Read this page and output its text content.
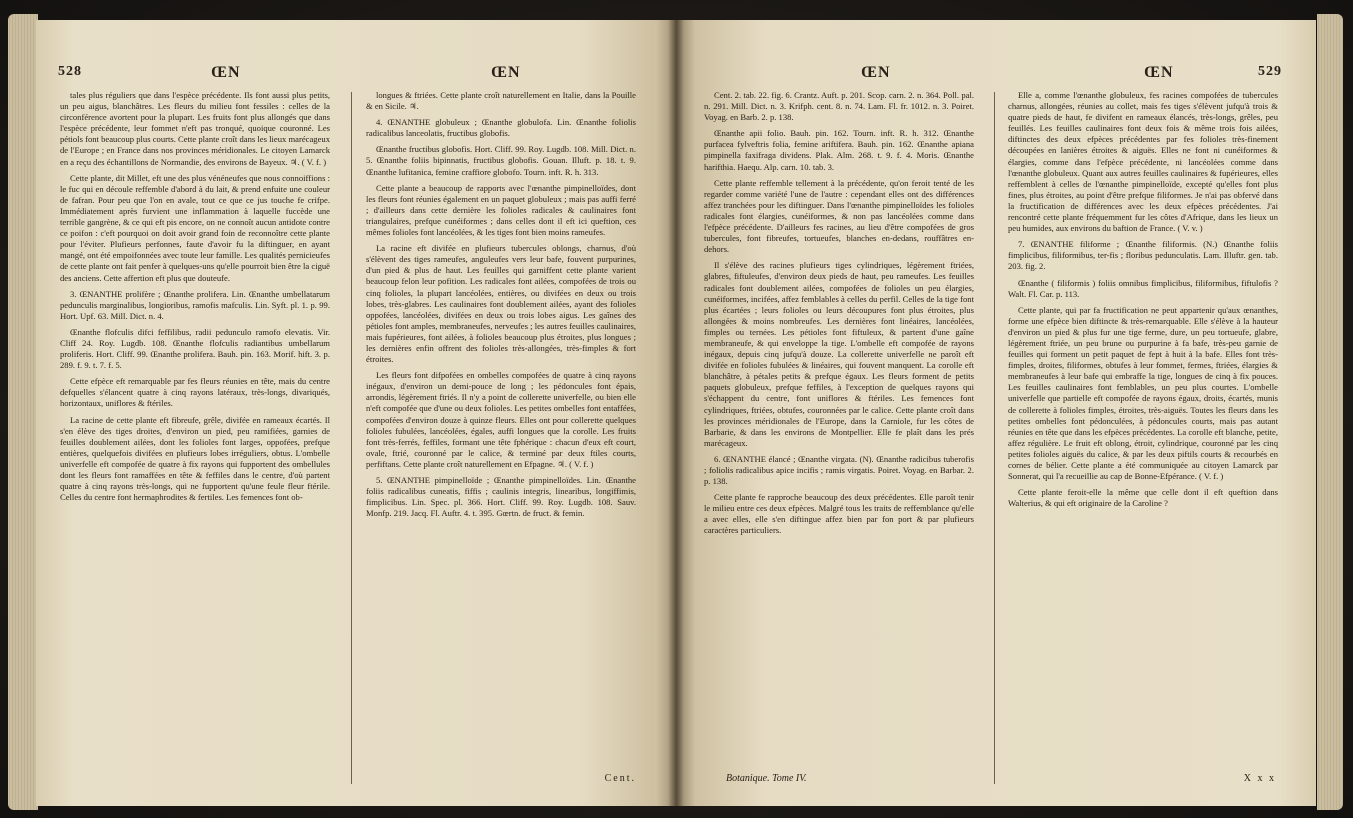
528	ŒN	ŒN

tales plus réguliers que dans l'espèce précédente. Ils font aussi plus petits, un peu aigus, blanchâtres. Les fleurs du milieu font fessiles : celles de la circonférence avortent pour la plupart. Les fruits font plus allongés que dans l'espèce précédente, leur fommet n'eft pas tronqué, quoique couronné. Les pétiols font beaucoup plus courts. Cette plante croît dans les lieux marécageux de l'Europe ; en France dans nos provinces méridionales. Le citoyen Lamarck en a reçu des échantillons de Normandie, des environs de Bayeux. ♃. ( V. f. )

Cette plante, dit Millet, eft une des plus vénéneufes que nous connoiffions : le fuc qui en découle reffemble d'abord à du lait, & prend enfuite une couleur de fafran. Pour peu que l'on en avale, tout ce que ce jus touche fe crifpe. Immédiatement après furvient une inflammation à laquelle fuccède une terrible gangrène, & ce qui eft pis encore, on ne connoît aucun antidote contre ce poifon : c'eft pourquoi on doit avoir grand foin de reconnoître cette plante pour l'éviter. Plufieurs perfonnes, faute d'avoir fu la diftinguer, en ayant mangé, ont été empoifonnées avec toute leur famille. Les qualités pernicieufes de cette plante ont fait penfer à quelques-uns qu'elle pourroit bien être la ciguë des anciens. Cette affertion eft plus que douteufe.

3. ŒNANTHE prolifère ; Œnanthe prolifera. Lin. Œnanthe umbellatarum pedunculis marginalibus, longioribus, ramofis mafculis. Lin. Syft. pl. 1. p. 99. Hort. Upf. 63. Mill. Dict. n. 4.

Œnanthe flofculis difci feffilibus, radii pedunculo ramofo elevatis. Vir. Cliff 24. Roy. Lugdb. 108. Œnanthe flofculis radiantibus umbellarum proliferis. Hort. Cliff. 99. Œnanthe prolifera. Bauh. pin. 163. Morif. hift. 3. p. 289. f. 9. t. 7. f. 5.

Cette efpèce eft remarquable par fes fleurs réunies en tête, mais du centre defquelles s'élancent quatre à cinq rayons latéraux, très-longs, divariqués, horizontaux, uniflores & ftériles.

La racine de cette plante eft fibreufe, grêle, divifée en rameaux écartés. Il s'en élève des tiges droites, d'environ un pied, peu ramifiées, garnies de feuilles doublement ailées, dont les folioles font larges, oppofées, prefque entières, quelquefois divifées en plufieurs lobes irréguliers, obtus. L'ombelle univerfelle eft compofée de quatre à fix rayons qui fupportent des ombellules dont les fleurs font ramaffées en tête & feffiles dans le centre, d'où partent quatre à cinq rayons très-longs, qui ne fupportent qu'une feule fleur ftérile. Celles du centre font hermaphrodites & fertiles. Les femences font ob-

longues & ftriées. Cette plante croît naturellement en Italie, dans la Pouille & en Sicile. ♃.

4. ŒNANTHE globuleux ; Œnanthe globulofa. Lin. Œnanthe foliolis radicalibus lanceolatis, fructibus globofis.

Œnanthe fructibus globofis. Hort. Cliff. 99. Roy. Lugdb. 108. Mill. Dict. n. 5. Œnanthe foliis bipinnatis, fructibus globofis. Gouan. Illuft. p. 18. t. 9. Œnanthe lufitanica, femine craffiore globofo. Tourn. inft. R. h. 313.

Cette plante a beaucoup de rapports avec l'œnanthe pimpinelloïdes, dont les fleurs font réunies également en un paquet globuleux ; mais pas auffi ferré ; d'ailleurs dans cette dernière les folioles radicales & caulinaires font triangulaires, prefque cunéiformes ; dans celles dont il eft ici queftion, ces mêmes folioles font lancéolées, & les tiges font bien moins rameufes.

La racine eft divifée en plufieurs tubercules oblongs, charnus, d'où s'élèvent des tiges rameufes, anguleufes vers leur bafe, fouvent purpurines, d'un pied & plus de haut. Les feuilles qui garniffent cette plante varient beaucoup felon leur pofition. Les radicales font ailées, compofées de trois ou cinq folioles, la plupart lancéolées, entières, ou divifées en deux ou trois lobes, très-glabres. Les caulinaires font doublement ailées, ayant des folioles oppofées, lancéolées, divifées en deux ou trois lobes aigus. Les gaînes des pétioles font amples, membraneufes, nerveufes ; les autres feuilles caulinaires, mais fupérieures, font ailées, à folioles beaucoup plus étroites, plus longues ; les dernières enfin offrent des folioles très-allongées, très-fimples & fort étroites.

Les fleurs font difpofées en ombelles compofées de quatre à cinq rayons inégaux, d'environ un demi-pouce de long ; les pédoncules font épais, arrondis, légèrement ftriés. Il n'y a point de collerette univerfelle, ou bien elle n'eft compofée que d'une ou deux folioles. Les petites ombelles font entaffées, compofées d'environ douze à quinze fleurs. Elles ont pour collerette quelques folioles fubulées, lancéolées, égales, auffi longues que la corolle. Les fruits font très-ferrés, feffiles, formant une tête fphérique : chacun d'eux eft court, ovale, ftrié, couronné par le calice, & terminé par deux ftiles courts, perfiftans. Cette plante croît naturellement en Efpagne. ♃. ( V. f. )

5. ŒNANTHE pimpinelloïde ; Œnanthe pimpinelloïdes. Lin. Œnanthe foliis radicalibus cuneatis, fiffis ; caulinis integris, linearibus, longiffimis, fimplicibus. Lin. Spec. pl. 366. Hort. Cliff. 99. Roy. Lugdb. 108. Sauv. Monfp. 219. Jacq. Fl. Auftr. 4. t. 395. Gœrtn. de fruct. & femin.

Cent.
ŒN	ŒN	529

Cent. 2. tab. 22. fig. 6. Crantz. Auft. p. 201. Scop. carn. 2. n. 364. Poll. pal. n. 291. Mill. Dict. n. 3. Krifph. cent. 8. n. 74. Lam. Fl. fr. 1012. n. 3. Poiret. Voyag. en Barb. 2. p. 138.

Œnanthe apii folio. Bauh. pin. 162. Tourn. inft. R. h. 312. Œnanthe purfacea fylveftris folia, femine ariftifera. Bauh. pin. 162. Œnanthe apiana pimpinella faxifraga dividens. Plak. Alm. 268. t. 9. f. 4. Moris. Œnanthe harifthia. Haequ. Alp. carn. 10. tab. 3.

Cette plante reffemble tellement à la précédente, qu'on feroit tenté de les regarder comme variété l'une de l'autre : cependant elles ont des différences affez tranchées pour les diftinguer. Dans l'œnanthe pimpinelloïdes les folioles radicales font élargies, cunéiformes, & non pas lancéolées comme dans l'efpèce précédente. D'ailleurs fes racines, au lieu d'être compofées de gros tubercules, font fibreufes, tortueufes, blanches en-dedans, rouffâtres en-dehors.

Il s'élève des racines plufieurs tiges cylindriques, légèrement ftriées, glabres, fiftuleufes, d'environ deux pieds de haut, peu rameufes. Les feuilles radicales font doublement ailées, compofées de folioles un peu élargies, cunéiformes, incifées, affez femblables à celles du perfil. Celles de la tige font plus écartées ; leurs folioles ou leurs découpures font plus étroites, plus allongées & moins nombreufes. Les dernières font linéaires, lancéolées, fimples ou ternées. Les pétioles font fiftuleux, & partent d'une gaîne membraneufe, & qui enveloppe la tige. L'ombelle eft compofée de rayons inégaux, depuis cinq jufqu'à douze. La collerette univerfelle ne paroît eft divifée en folioles fubulées & linéaires, qui fouvent manquent. La corolle eft blanchâtre, à pétales petits & prefque égaux. Les fleurs forment de petits paquets globuleux, prefque feffiles, à l'exception de quelques rayons qui s'échappent du centre, font uniflores & ftériles. Les femences font cylindriques, ftriées, obtufes, couronnées par le calice. Cette plante croît dans les provinces méridionales de l'Europe, dans la Carniole, fur les côtes de Barbarie, & dans les environs de Montpellier. Elle fe plaît dans les prés marécageux.

6. ŒNANTHE élancé ; Œnanthe virgata. (N). Œnanthe radicibus tuberofis ; foliolis radicalibus apice incifis ; ramis virgatis. Poiret. Voyag. en Barbar. 2. p. 138.

Cette plante fe rapproche beaucoup des deux précédentes. Elle paroît tenir le milieu entre ces deux efpèces. Malgré tous les traits de reffemblance qu'elle a avec elles, elle s'en diftingue affez bien par fon port & par plufieurs caractères particuliers.

Elle a, comme l'œnanthe globuleux, fes racines compofées de tubercules charnus, allongées, réunies au collet, mais fes tiges s'élèvent jufqu'à trois & quatre pieds de haut, fe divifent en rameaux élancés, très-longs, grêles, peu feuillés. Les feuilles caulinaires font deux fois & même trois fois ailées, diftinctes des deux efpèces précédentes par fes folioles très-finement découpées en lanières étroites & aiguës. Elles ne font ni cunéiformes & élargies, comme dans l'efpèce précédente, ni lancéolées comme dans l'œnanthe globuleux. Quant aux autres feuilles caulinaires & fupérieures, elles reffemblent à celles de l'œnanthe pimpinelloïde, excepté qu'elles font plus fines, plus étroites, au point d'être prefque filiformes. Je n'ai pas obfervé dans la fructification de différences avec les deux efpèces précédentes. J'ai rencontré cette plante fréquemment fur les côtes d'Afrique, dans les lieux un peu humides, aux environs du baftion de France. ( V. v. )

7. ŒNANTHE filiforme ; Œnanthe filiformis. (N.) Œnanthe foliis fimplicibus, filiformibus, ter-fis ; floribus pedunculatis. Lam. Illuftr. gen. tab. 203. fig. 2.

Œnanthe ( filiformis ) foliis omnibus fimplicibus, filiformibus, fiftulofis ? Walt. Fl. Car. p. 113.

Cette plante, qui par fa fructification ne peut appartenir qu'aux œnanthes, forme une efpèce bien diftincte & très-remarquable. Elle s'élève à la hauteur d'environ un pied & plus fur une tige ferme, dure, un peu tortueufe, glabre, légèrement ftriée, un peu brune ou purpurine à fa bafe, très-peu garnie de feuilles qui forment un petit paquet de fept à huit à la bafe. Elles font très-fimples, droites, filiformes, obtufes à leur fommet, fermes, ftriées, élargies & membraneufes à leur bafe qui embraffe la tige, longues de cinq à fix pouces. Les feuilles caulinaires font femblables, un peu plus courtes. L'ombelle univerfelle que partielle eft compofée de rayons égaux, droits, écartés, munis de collerette à folioles fimples, étroites, très-aiguës. Toutes les fleurs dans les petites ombelles font pédonculées, à pédoncules courts, mais pas autant réunies en tête que dans les efpèces précédentes. La corolle eft blanche, petite, affez régulière. Le fruit eft oblong, étroit, cylindrique, couronné par les cinq petites folioles aiguës du calice, & par les deux piftils courts & recourbés en cornes de bélier. Cette plante a été communiquée au citoyen Lamarck par Sonnerat, qui l'a recueillie au cap de Bonne-Efpérance. ( V. f. )

Cette plante feroit-elle la même que celle dont il eft queftion dans Walterius, & qui eft originaire de la Caroline ?

Botanique. Tome IV.	X x x
